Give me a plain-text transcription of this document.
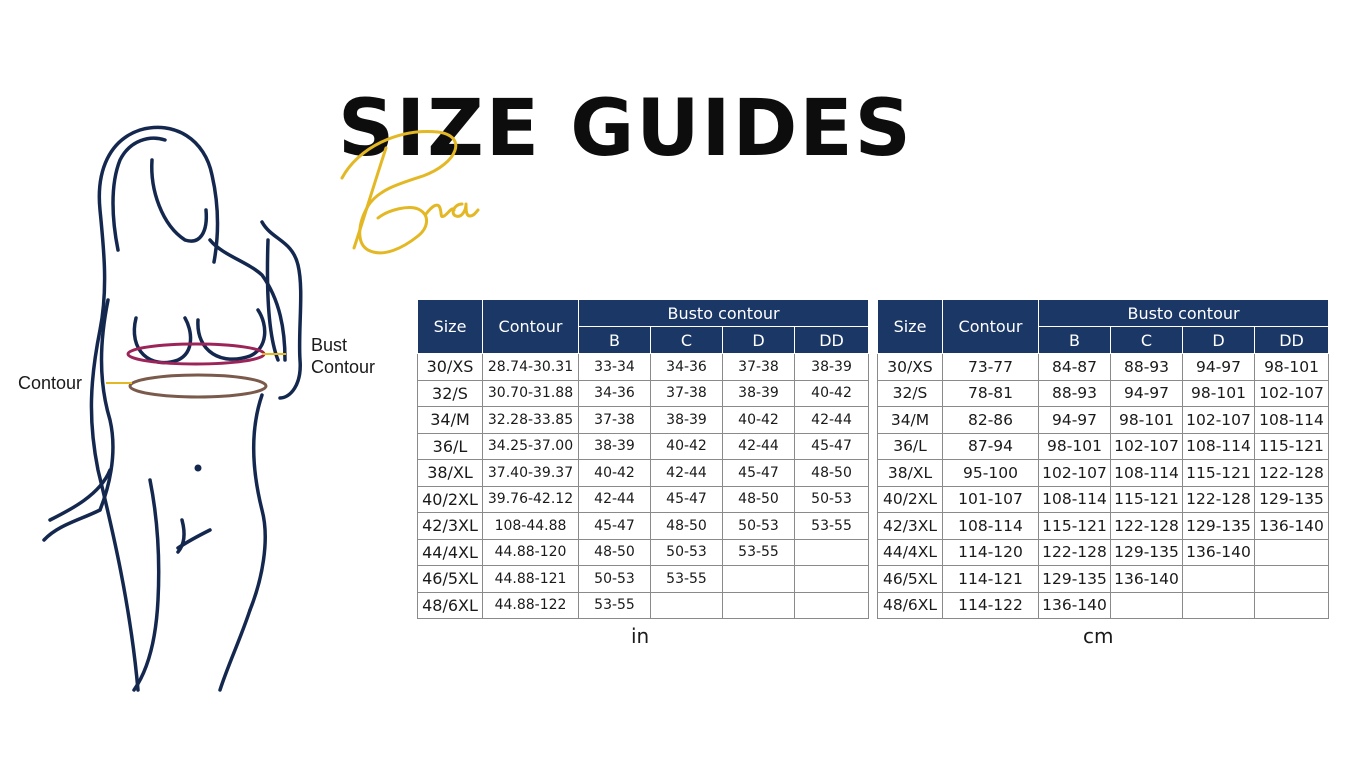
Bust
Contour
Contour
SIZE GUIDES
Size	Contour	Busto contour			
		B	C	D	DD
30/XS	28.74-30.31	33-34	34-36	37-38	38-39
32/S	30.70-31.88	34-36	37-38	38-39	40-42
34/M	32.28-33.85	37-38	38-39	40-42	42-44
36/L	34.25-37.00	38-39	40-42	42-44	45-47
38/XL	37.40-39.37	40-42	42-44	45-47	48-50
40/2XL	39.76-42.12	42-44	45-47	48-50	50-53
42/3XL	108-44.88	45-47	48-50	50-53	53-55
44/4XL	44.88-120	48-50	50-53	53-55	
46/5XL	44.88-121	50-53	53-55		
48/6XL	44.88-122	53-55			
in
Size	Contour	Busto contour			
		B	C	D	DD
30/XS	73-77	84-87	88-93	94-97	98-101
32/S	78-81	88-93	94-97	98-101	102-107
34/M	82-86	94-97	98-101	102-107	108-114
36/L	87-94	98-101	102-107	108-114	115-121
38/XL	95-100	102-107	108-114	115-121	122-128
40/2XL	101-107	108-114	115-121	122-128	129-135
42/3XL	108-114	115-121	122-128	129-135	136-140
44/4XL	114-120	122-128	129-135	136-140	
46/5XL	114-121	129-135	136-140		
48/6XL	114-122	136-140			
cm
